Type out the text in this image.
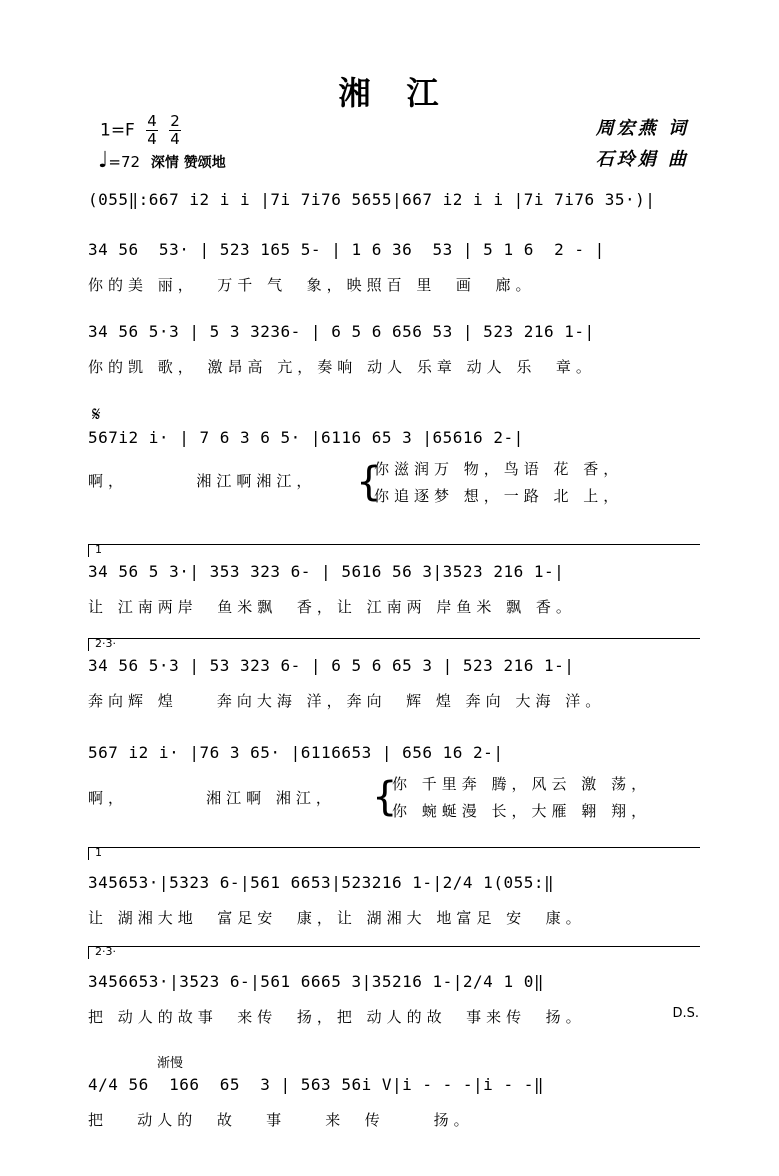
湘　江
$1=F \frac{4}{4}$
$\frac{2}{4}$
♩=72 深情 赞颂地
周宏燕 词
石玲娟 曲
(055‖:667 i2 i i |7i 7i76 5655|667 i2 i i |7i 7i76 35·)|
34 56  53· | 523 165 5- | 1 6 36  53 | 5 1 6  2 - |
你的美 丽，  万千 气  象，映照百 里  画  廊。
34 56 5·3 | 5 3 3236- | 6 5 6 656 53 | 523 216 1-|
你的凯 歌， 激昂高 亢，奏响 动人 乐章 动人 乐  章。
𝄋
567i2 i· | 7 6 3 6 5· |6116 65 3 |65616 2-|
啊，       湘江啊湘江， {
你滋润万 物，鸟语 花 香，
你追逐梦 想，一路 北 上，
1
34 56 5 3·| 353 323 6- | 5616 56 3|3523 216 1-|
让 江南两岸  鱼米飘  香，让 江南两 岸鱼米 飘 香。
2·3·
34 56 5·3 | 53 323 6- | 6 5 6 65 3 | 523 216 1-|
奔向辉 煌    奔向大海 洋，奔向  辉 煌 奔向 大海 洋。
567 i2 i· |76 3 65· |6116653 | 656 16 2-|
啊，        湘江啊 湘江， {
你 千里奔 腾，风云 激 荡，
你 蜿蜒漫 长，大雁 翱 翔，
1
345653·|5323 6-|561 6653|523216 1-|2/4 1(055:‖
让 湖湘大地  富足安  康，让 湖湘大 地富足 安  康。
2·3·
3456653·|3523 6-|561 6665 3|35216 1-|2/4 1 0‖
把 动人的故事  来传  扬，把 动人的故  事来传  扬。	D.S.
渐慢
4/4 56  166  65  3 | 563 56i V|i - - -|i - -‖
把   动人的  故   事    来  传     扬。
